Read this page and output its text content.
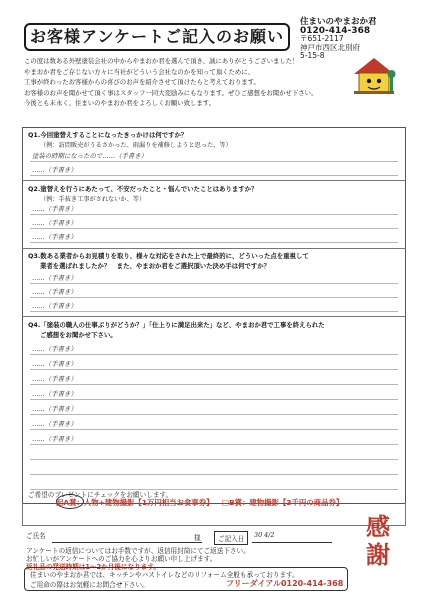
お客様アンケートご記入のお願い
住まいのやまおか君
0120-414-368
〒651-2117
神戸市西区北別府
5-15-8
この度は数ある外壁塗装会社の中からやまおか君を選んで頂き、誠にありがとうございました！
やまおか君をご存じない方々に当社がどういう会社なのかを知って頂くために、
工事が終わったお客様からの喜びのお声を紹介させて頂けたらと考えております。
お客様のお声を聞かせて頂く事はスタッフ一同大変励みにもなります。ぜひご感想をお聞かせ下さい。
今後とも末永く、住まいのやまおか君をよろしくお願い致します。
Q1.今回塗替えすることになったきっかけは何ですか？
（例：訪問販売がうるさかった、雨漏りを補修しようと思った、等）
塗装の時期になったので……（手書き）
……（手書き）
Q2.塗替えを行うにあたって、不安だったこと・悩んでいたことはありますか？
（例：手抜き工事がされないか、等）
……（手書き）
……（手書き）
……（手書き）
Q3.数ある業者からお見積りを取り、様々な対応をされた上で最終的に、どういった点を重視して
業者を選ばれましたか？　また、やまおか君をご選択頂いた決め手は何ですか？
……（手書き）
……（手書き）
……（手書き）
Q4.「塗装の職人の仕事ぶりがどうか？」「仕上りに満足出来た」など、やまおか君で工事を終えられた
ご感想をお聞かせ下さい。
……（手書き）
……（手書き）
……（手書き）
……（手書き）
……（手書き）
……（手書き）
……（手書き）
ご希望のプレゼントにチェックをお願いします。
記A賞：人物+建物撮影【1万円相当お食事券】 □B賞：建物撮影【3千円の商品券】
ご氏名	様	ご記入日	30 4/2
アンケートの返信についてはお手数ですが、返信用封筒にてご返送下さい。
お忙しいがアンケートへのご協力を心よりお願い申し上げます。
返礼品の発送時期は1～2か月後になります。
感
謝
住まいのやまおか君では、キッチンやバストイレなどのリフォーム全般も承っております。
ご用命の際はお気軽にお問合せ下さい。	フリーダイアル0120-414-368
